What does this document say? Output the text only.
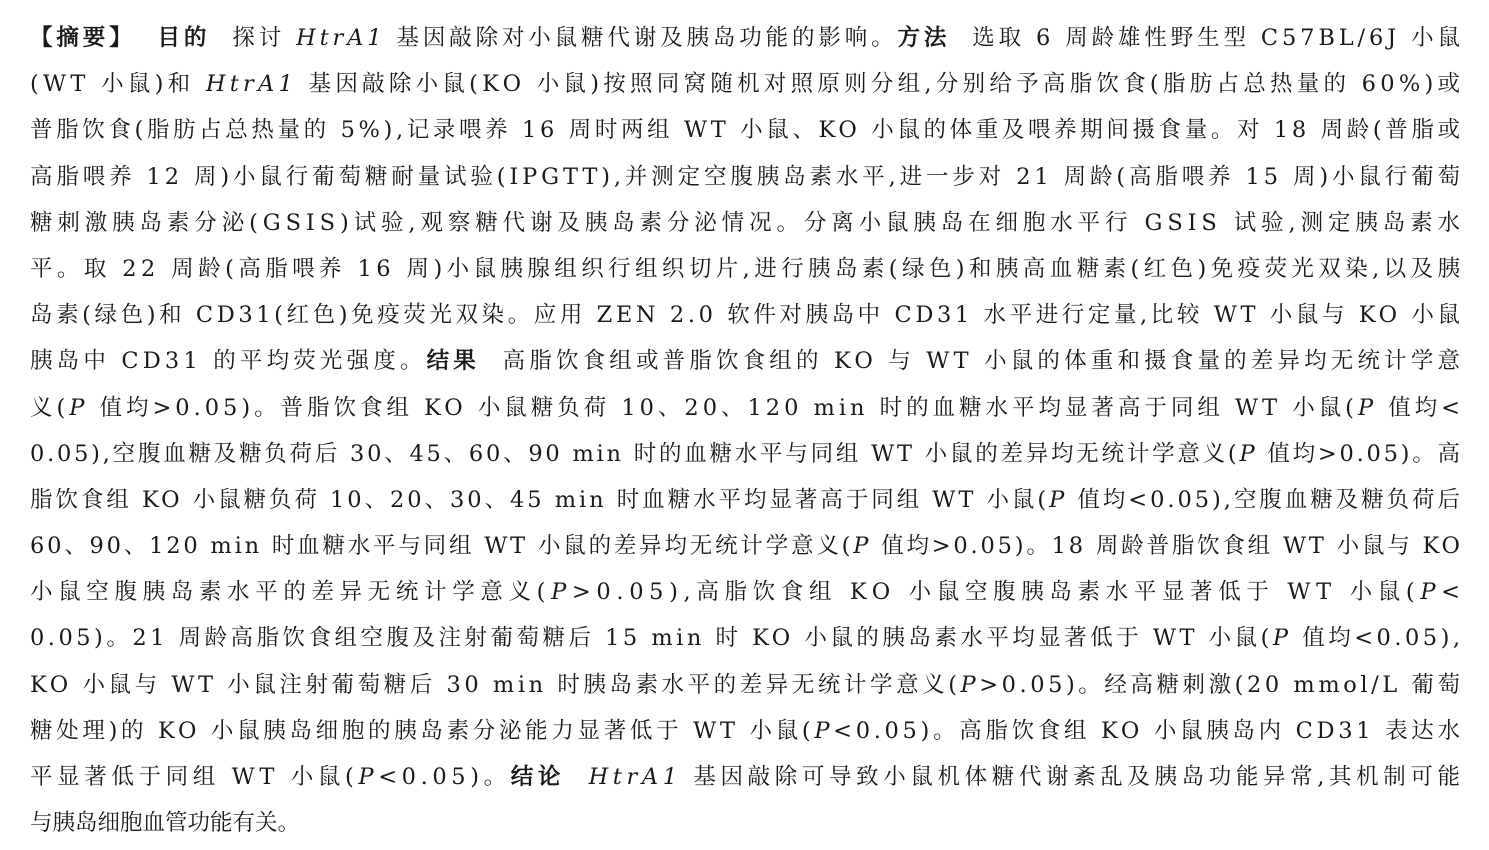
【摘要】 目的  探讨 HtrA1 基因敲除对小鼠糖代谢及胰岛功能的影响。方法  选取 6 周龄雄性野生型 C57BL/6J 小鼠
(WT 小鼠)和 HtrA1 基因敲除小鼠(KO 小鼠)按照同窝随机对照原则分组,分别给予高脂饮食(脂肪占总热量的 60%)或
普脂饮食(脂肪占总热量的 5%),记录喂养 16 周时两组 WT 小鼠、KO 小鼠的体重及喂养期间摄食量。对 18 周龄(普脂或
高脂喂养 12 周)小鼠行葡萄糖耐量试验(IPGTT),并测定空腹胰岛素水平,进一步对 21 周龄(高脂喂养 15 周)小鼠行葡萄
糖刺激胰岛素分泌(GSIS)试验,观察糖代谢及胰岛素分泌情况。分离小鼠胰岛在细胞水平行 GSIS 试验,测定胰岛素水
平。取 22 周龄(高脂喂养 16 周)小鼠胰腺组织行组织切片,进行胰岛素(绿色)和胰高血糖素(红色)免疫荧光双染,以及胰
岛素(绿色)和 CD31(红色)免疫荧光双染。应用 ZEN 2.0 软件对胰岛中 CD31 水平进行定量,比较 WT 小鼠与 KO 小鼠
胰岛中 CD31 的平均荧光强度。结果  高脂饮食组或普脂饮食组的 KO 与 WT 小鼠的体重和摄食量的差异均无统计学意
义(P 值均>0.05)。普脂饮食组 KO 小鼠糖负荷 10、20、120 min 时的血糖水平均显著高于同组 WT 小鼠(P 值均<
0.05),空腹血糖及糖负荷后 30、45、60、90 min 时的血糖水平与同组 WT 小鼠的差异均无统计学意义(P 值均>0.05)。高
脂饮食组 KO 小鼠糖负荷 10、20、30、45 min 时血糖水平均显著高于同组 WT 小鼠(P 值均<0.05),空腹血糖及糖负荷后
60、90、120 min 时血糖水平与同组 WT 小鼠的差异均无统计学意义(P 值均>0.05)。18 周龄普脂饮食组 WT 小鼠与 KO
小鼠空腹胰岛素水平的差异无统计学意义(P>0.05),高脂饮食组 KO 小鼠空腹胰岛素水平显著低于 WT 小鼠(P<
0.05)。21 周龄高脂饮食组空腹及注射葡萄糖后 15 min 时 KO 小鼠的胰岛素水平均显著低于 WT 小鼠(P 值均<0.05),
KO 小鼠与 WT 小鼠注射葡萄糖后 30 min 时胰岛素水平的差异无统计学意义(P>0.05)。经高糖刺激(20 mmol/L 葡萄
糖处理)的 KO 小鼠胰岛细胞的胰岛素分泌能力显著低于 WT 小鼠(P<0.05)。高脂饮食组 KO 小鼠胰岛内 CD31 表达水
平显著低于同组 WT 小鼠(P<0.05)。结论 HtrA1 基因敲除可导致小鼠机体糖代谢紊乱及胰岛功能异常,其机制可能
与胰岛细胞血管功能有关。
